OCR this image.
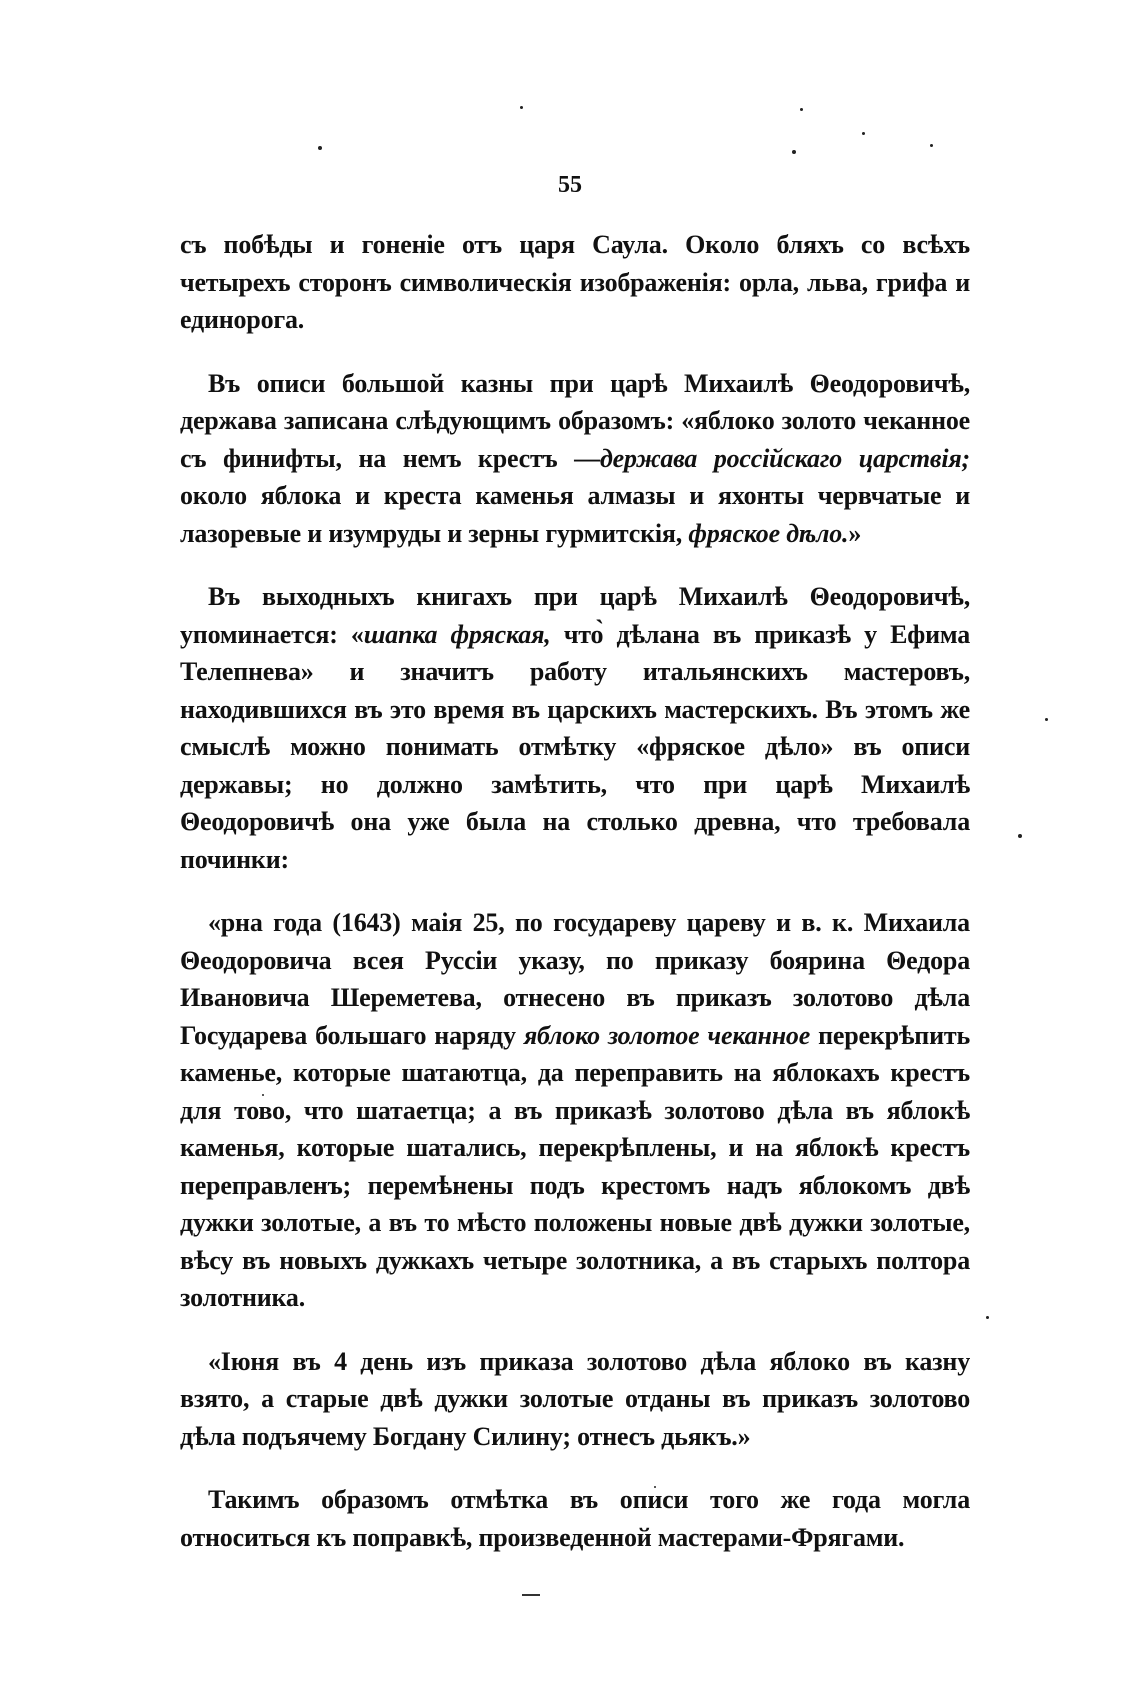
55

съ побѣды и гоненіе отъ царя Саула. Около бляхъ со всѣхъ четырехъ сторонъ символическія изображенія: орла, льва, грифа и единорога.

Въ описи большой казны при царѣ Михаилѣ Θеодоровичѣ, держава записана слѣдующимъ образомъ: «яблоко золото чеканное съ финифты, на немъ крестъ —держава россійскаго царствія; около яблока и креста каменья алмазы и яхонты червчатые и лазоревые и изумруды и зерны гурмитскія, фряское дѣло.»

Въ выходныхъ книгахъ при царѣ Михаилѣ Θеодоровичѣ, упоминается: «шапка фряская, что̀ дѣлана въ приказѣ у Ефима Телепнева» и значитъ работу итальянскихъ мастеровъ, находившихся въ это время въ царскихъ мастерскихъ. Въ этомъ же смыслѣ можно понимать отмѣтку «фряское дѣло» въ описи державы; но должно замѣтить, что при царѣ Михаилѣ Θеодоровичѣ она уже была на столько древна, что требовала починки:

«рна года (1643) маія 25, по государеву цареву и в. к. Михаила Θеодоровича всея Руссіи указу, по приказу боярина Θедора Ивановича Шереметева, отнесено въ приказъ золотово дѣла Государева большаго наряду яблоко золотое чеканное перекрѣпить каменье, которые шатаютца, да переправить на яблокахъ крестъ для тово, что шатаетца; а въ приказѣ золотово дѣла въ яблокѣ каменья, которые шатались, перекрѣплены, и на яблокѣ крестъ переправленъ; перемѣнены подъ крестомъ надъ яблокомъ двѣ дужки золотые, а въ то мѣсто положены новые двѣ дужки золотые, вѣсу въ новыхъ дужкахъ четыре золотника, а въ старыхъ полтора золотника.

«Іюня въ 4 день изъ приказа золотово дѣла яблоко въ казну взято, а старые двѣ дужки золотые отданы въ приказъ золотово дѣла подъячему Богдану Силину; отнесъ дьякъ.»

Такимъ образомъ отмѣтка въ описи того же года могла относиться къ поправкѣ, произведенной мастерами-Фрягами.
